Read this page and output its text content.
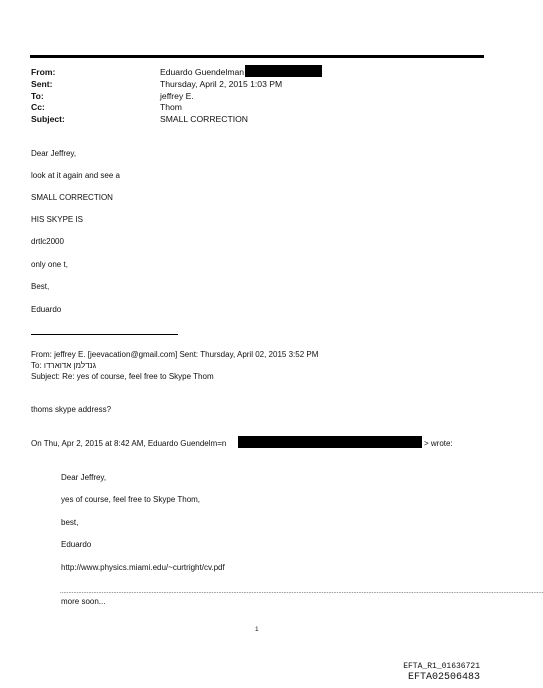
From:	Eduardo Guendelman
Sent:	Thursday, April 2, 2015 1:03 PM
To:	jeffrey E.
Cc:	Thom
Subject:	SMALL CORRECTION
Dear Jeffrey,
look at it again and see a
SMALL CORRECTION
HIS SKYPE IS
drtlc2000
only one t,
Best,
Eduardo
From: jeffrey E. [jeevacation@gmail.com] Sent: Thursday, April 02, 2015 3:52 PM
To: גנדלמן אדוארדו
Subject: Re: yes of course, feel free to Skype Thom
thoms skype address?
On Thu, Apr 2, 2015 at 8:42 AM, Eduardo Guendelm=n	> wrote:
Dear Jeffrey,
yes of course, feel free to Skype Thom,
best,
Eduardo
http://www.physics.miami.edu/~curtright/cv.pdf
..................................................................................................................................................................................................................................................................................................
more soon...
1
EFTA_R1_01636721
EFTA02506483
